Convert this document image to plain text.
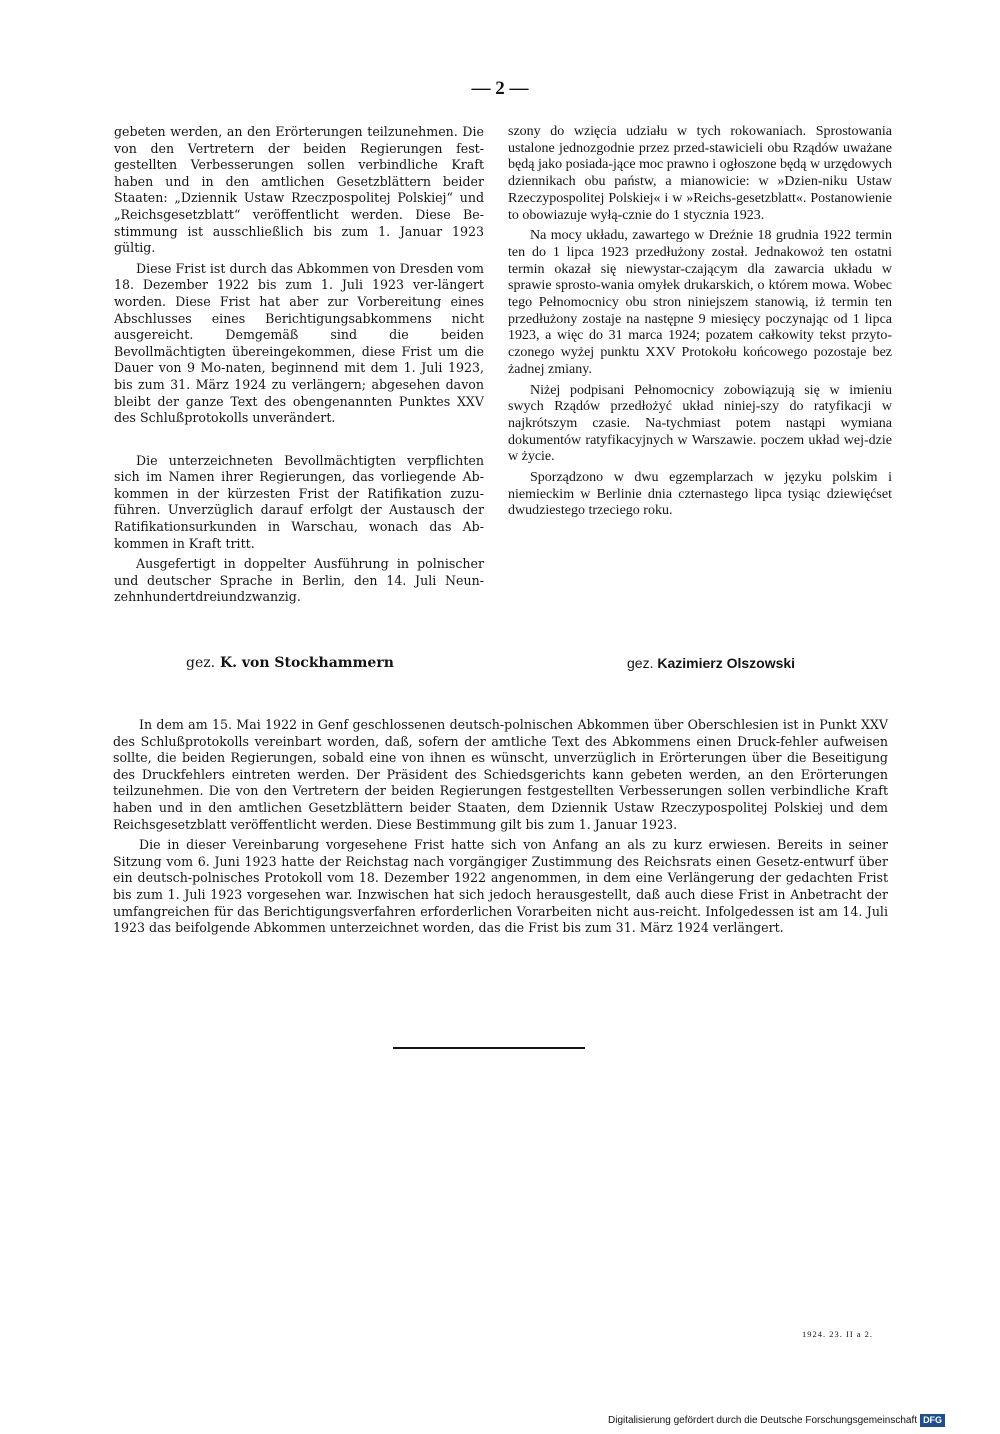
— 2 —

gebeten werden, an den Erörterungen teilzunehmen. Die von den Vertretern der beiden Regierungen fest-gestellten Verbesserungen sollen verbindliche Kraft haben und in den amtlichen Gesetzblättern beider Staaten: „Dziennik Ustaw Rzeczpospolitej Polskiej“ und „Reichsgesetzblatt“ veröffentlicht werden. Diese Be-stimmung ist ausschließlich bis zum 1. Januar 1923 gültig.

Diese Frist ist durch das Abkommen von Dresden vom 18. Dezember 1922 bis zum 1. Juli 1923 ver-längert worden. Diese Frist hat aber zur Vorbereitung eines Abschlusses eines Berichtigungsabkommens nicht ausgereicht. Demgemäß sind die beiden Bevollmächtigten übereingekommen, diese Frist um die Dauer von 9 Mo-naten, beginnend mit dem 1. Juli 1923, bis zum 31. März 1924 zu verlängern; abgesehen davon bleibt der ganze Text des obengenannten Punktes XXV des Schlußprotokolls unverändert.

Die unterzeichneten Bevollmächtigten verpflichten sich im Namen ihrer Regierungen, das vorliegende Ab-kommen in der kürzesten Frist der Ratifikation zuzu-führen. Unverzüglich darauf erfolgt der Austausch der Ratifikationsurkunden in Warschau, wonach das Ab-kommen in Kraft tritt.

Ausgefertigt in doppelter Ausführung in polnischer und deutscher Sprache in Berlin, den 14. Juli Neun-zehnhundertdreiundzwanzig.

szony do wzięcia udziału w tych rokowaniach. Sprostowania ustalone jednozgodnie przez przed-stawicieli obu Rządów uważane będą jako posiada-jące moc prawno i ogłoszone będą w urzędowych dziennikach obu państw, a mianowicie: w »Dzien-niku Ustaw Rzeczypospolitej Polskiej« i w »Reichs-gesetzblatt«. Postanowienie to obowiazuje wyłą-cznie do 1 stycznia 1923.

Na mocy układu, zawartego w Dreźnie 18 grudnia 1922 termin ten do 1 lipca 1923 przedłużony został. Jednakowoż ten ostatni termin okazał się niewystar-czającym dla zawarcia układu w sprawie sprosto-wania omyłek drukarskich, o którem mowa. Wobec tego Pełnomocnicy obu stron niniejszem stanowią, iż termin ten przedłużony zostaje na następne 9 miesięcy poczynając od 1 lipca 1923, a więc do 31 marca 1924; pozatem całkowity tekst przyto-czonego wyżej punktu XXV Protokołu końcowego pozostaje bez żadnej zmiany.

Niżej podpisani Pełnomocnicy zobowiązują się w imieniu swych Rządów przedłożyć układ niniej-szy do ratyfikacji w najkrótszym czasie. Na-tychmiast potem nastąpi wymiana dokumentów ratyfikacyjnych w Warszawie. poczem układ wej-dzie w życie.

Sporządzono w dwu egzemplarzach w języku polskim i niemieckim w Berlinie dnia czternastego lipca tysiąc dziewięćset dwudziestego trzeciego roku.

gez. K. von Stockhammern	gez. Kazimierz Olszowski

In dem am 15. Mai 1922 in Genf geschlossenen deutsch-polnischen Abkommen über Oberschlesien ist in Punkt XXV des Schlußprotokolls vereinbart worden, daß, sofern der amtliche Text des Abkommens einen Druck-fehler aufweisen sollte, die beiden Regierungen, sobald eine von ihnen es wünscht, unverzüglich in Erörterungen über die Beseitigung des Druckfehlers eintreten werden. Der Präsident des Schiedsgerichts kann gebeten werden, an den Erörterungen teilzunehmen. Die von den Vertretern der beiden Regierungen festgestellten Verbesserungen sollen verbindliche Kraft haben und in den amtlichen Gesetzblättern beider Staaten, dem Dziennik Ustaw Rzeczypospolitej Polskiej und dem Reichsgesetzblatt veröffentlicht werden. Diese Bestimmung gilt bis zum 1. Januar 1923.

Die in dieser Vereinbarung vorgesehene Frist hatte sich von Anfang an als zu kurz erwiesen. Bereits in seiner Sitzung vom 6. Juni 1923 hatte der Reichstag nach vorgängiger Zustimmung des Reichsrats einen Gesetz-entwurf über ein deutsch-polnisches Protokoll vom 18. Dezember 1922 angenommen, in dem eine Verlängerung der gedachten Frist bis zum 1. Juli 1923 vorgesehen war. Inzwischen hat sich jedoch herausgestellt, daß auch diese Frist in Anbetracht der umfangreichen für das Berichtigungsverfahren erforderlichen Vorarbeiten nicht aus-reicht. Infolgedessen ist am 14. Juli 1923 das beifolgende Abkommen unterzeichnet worden, das die Frist bis zum 31. März 1924 verlängert.

1924. 23. II a 2.
Digitalisierung gefördert durch die Deutsche Forschungsgemeinschaft DFG
